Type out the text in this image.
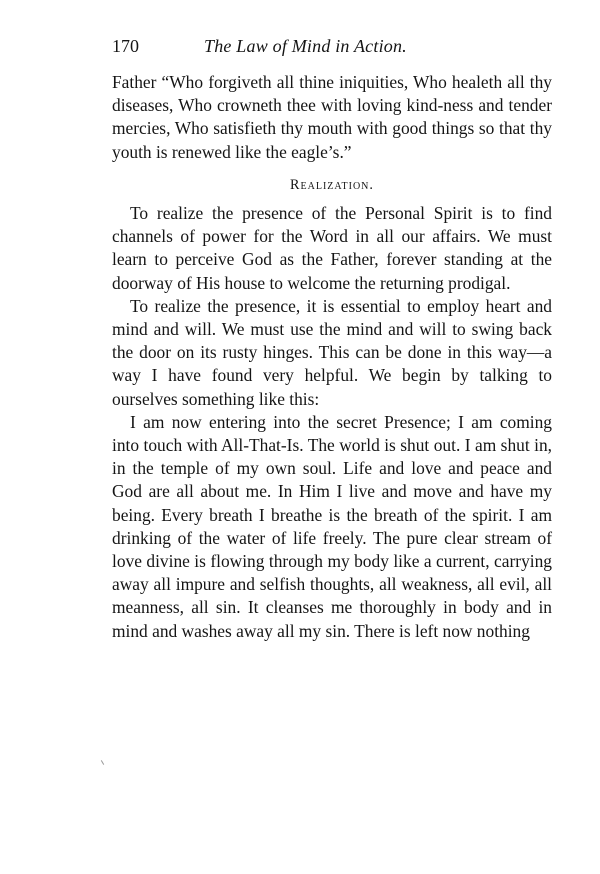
170	The Law of Mind in Action.

Father “Who forgiveth all thine iniquities, Who healeth all thy diseases, Who crowneth thee with loving kind-ness and tender mercies, Who satisfieth thy mouth with good things so that thy youth is renewed like the eagle’s.”

Realization.

To realize the presence of the Personal Spirit is to find channels of power for the Word in all our affairs. We must learn to perceive God as the Father, forever standing at the doorway of His house to welcome the returning prodigal.

To realize the presence, it is essential to employ heart and mind and will. We must use the mind and will to swing back the door on its rusty hinges. This can be done in this way—a way I have found very helpful. We begin by talking to ourselves something like this:

I am now entering into the secret Presence; I am coming into touch with All-That-Is. The world is shut out. I am shut in, in the temple of my own soul. Life and love and peace and God are all about me. In Him I live and move and have my being. Every breath I breathe is the breath of the spirit. I am drinking of the water of life freely. The pure clear stream of love divine is flowing through my body like a current, carrying away all impure and selfish thoughts, all weakness, all evil, all meanness, all sin. It cleanses me thoroughly in body and in mind and washes away all my sin. There is left now nothing
